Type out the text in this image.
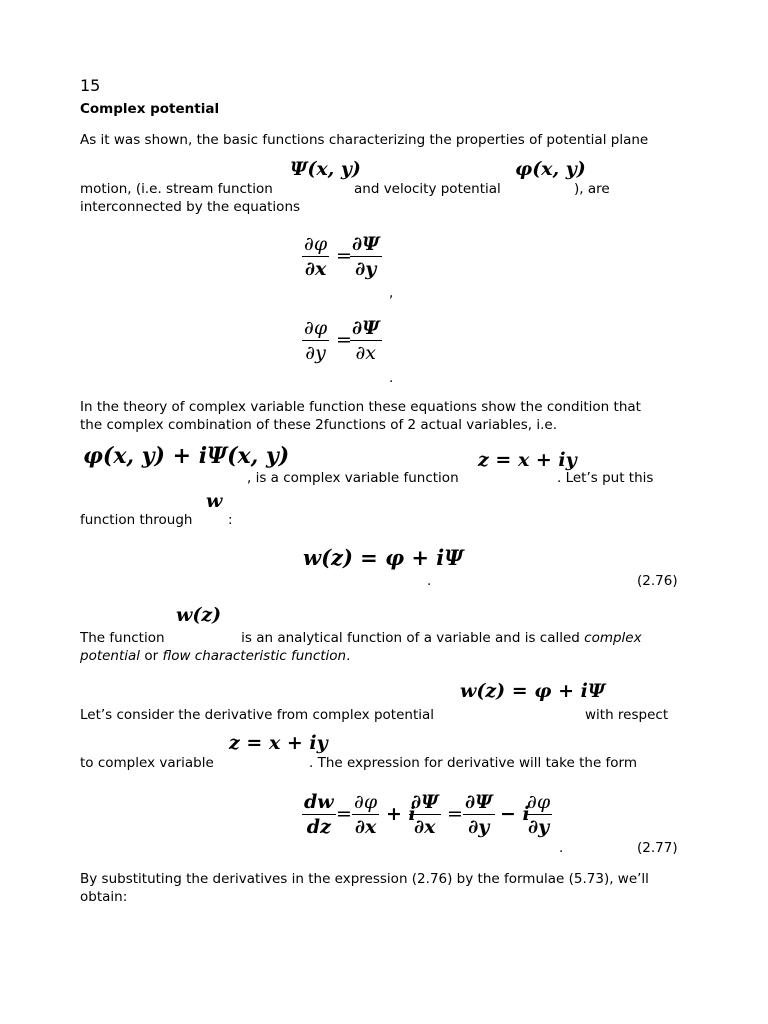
15
Complex potential
As it was shown, the basic functions characterizing the properties of potential plane
Ψ(x, y)	φ(x, y)
motion, (i.e. stream function	and velocity potential	), are
interconnected by the equations
$\frac{\partial\varphi}{\partial x}$ =
$\frac{\partial\Psi}{\partial y}$
,
$\frac{\partial\varphi}{\partial y}$ =
$\frac{\partial\Psi}{\partial x}$
.
In the theory of complex variable function these equations show the condition that
the complex combination of these 2functions of 2 actual variables, i.e.
φ(x, y) + iΨ(x, y)	z = x + iy
, is a complex variable function	. Let’s put this
w
function through	:
w(z) = φ + iΨ
.	(2.76)
w(z)
The function	is an analytical function of a variable and is called complex
potential or flow characteristic function.
w(z) = φ + iΨ
Let’s consider the derivative from complex potential	with respect
z = x + iy
to complex variable	. The expression for derivative will take the form
$\frac{dw}{dz} = \frac{\partial\varphi}{\partial x} + i$
$\frac{\partial\Psi}{\partial x} = \frac{\partial\Psi}{\partial y} - i$
$\frac{\partial\varphi}{\partial y}$
.	(2.77)
By substituting the derivatives in the expression (2.76) by the formulae (5.73), we’ll
obtain:
